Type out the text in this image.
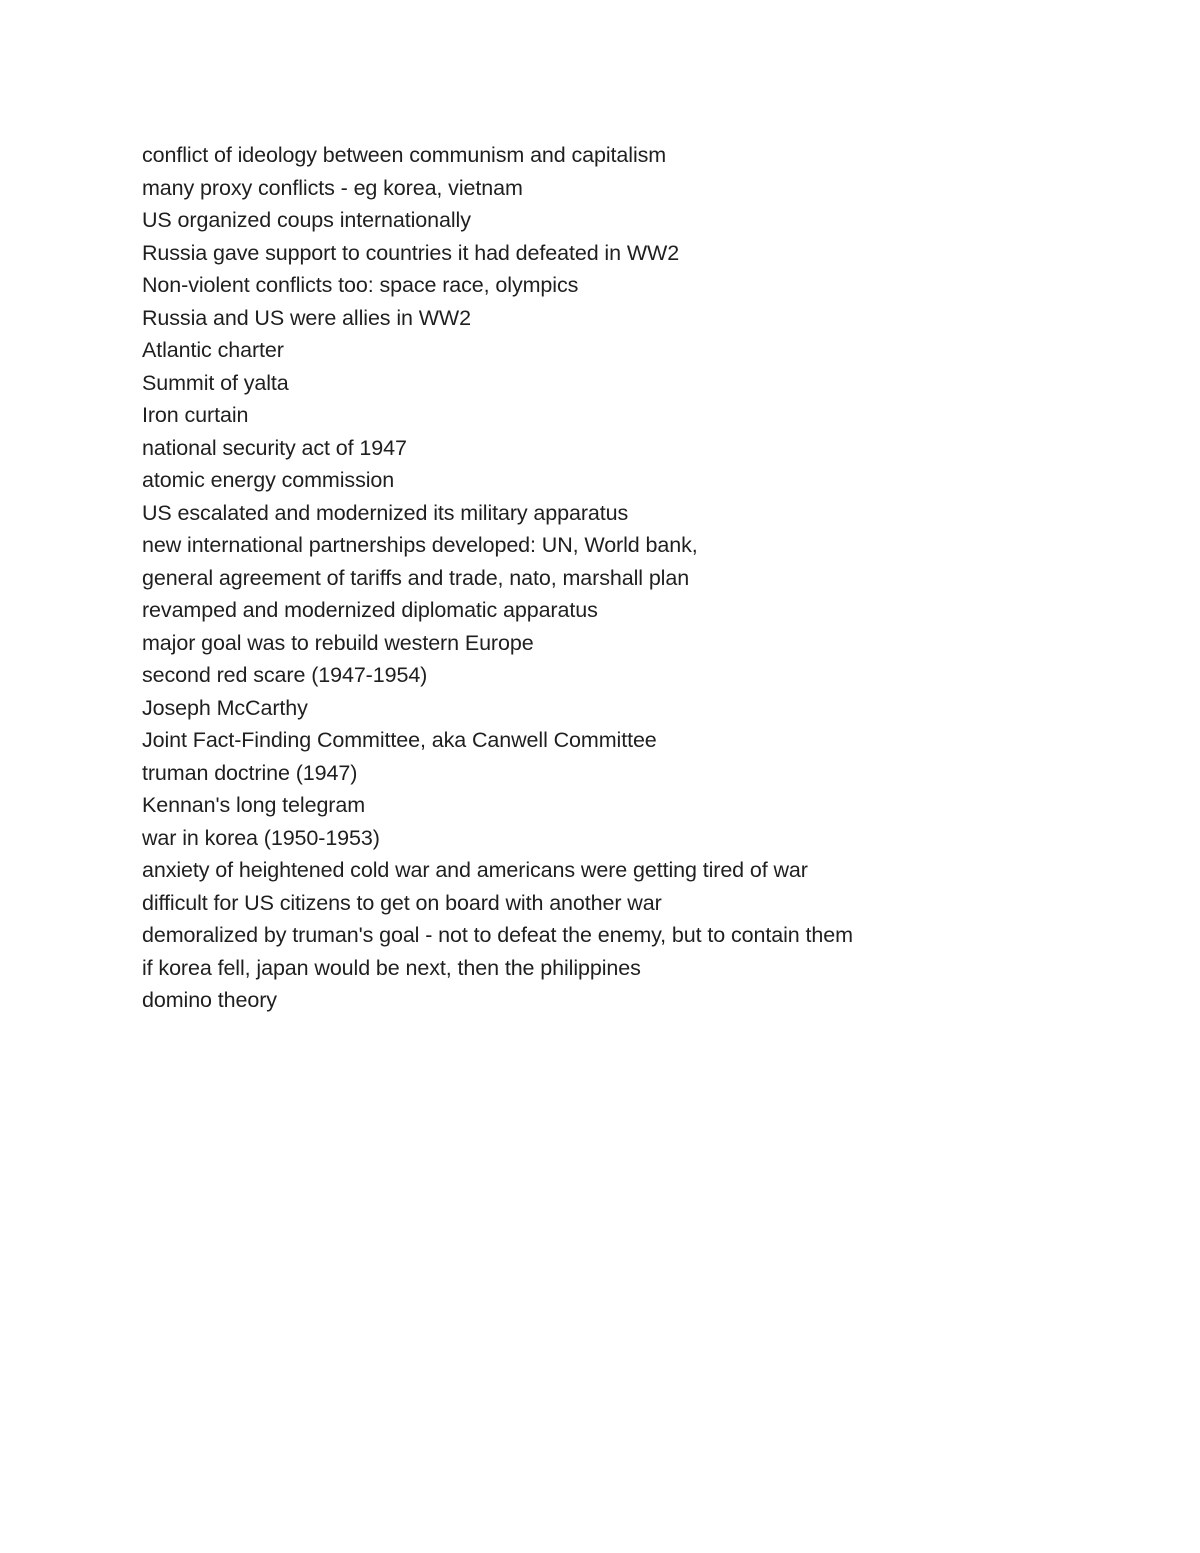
conflict of ideology between communism and capitalism
many proxy conflicts - eg korea, vietnam
US organized coups internationally
Russia gave support to countries it had defeated in WW2
Non-violent conflicts too: space race, olympics
Russia and US were allies in WW2
Atlantic charter
Summit of yalta
Iron curtain
national security act of 1947
atomic energy commission
US escalated and modernized its military apparatus
new international partnerships developed: UN, World bank,
general agreement of tariffs and trade, nato, marshall plan
revamped and modernized diplomatic apparatus
major goal was to rebuild western Europe
second red scare (1947-1954)
Joseph McCarthy
Joint Fact-Finding Committee, aka Canwell Committee
truman doctrine (1947)
Kennan's long telegram
war in korea (1950-1953)
anxiety of heightened cold war and americans were getting tired of war
difficult for US citizens to get on board with another war
demoralized by truman's goal - not to defeat the enemy, but to contain them
if korea fell, japan would be next, then the philippines
domino theory
